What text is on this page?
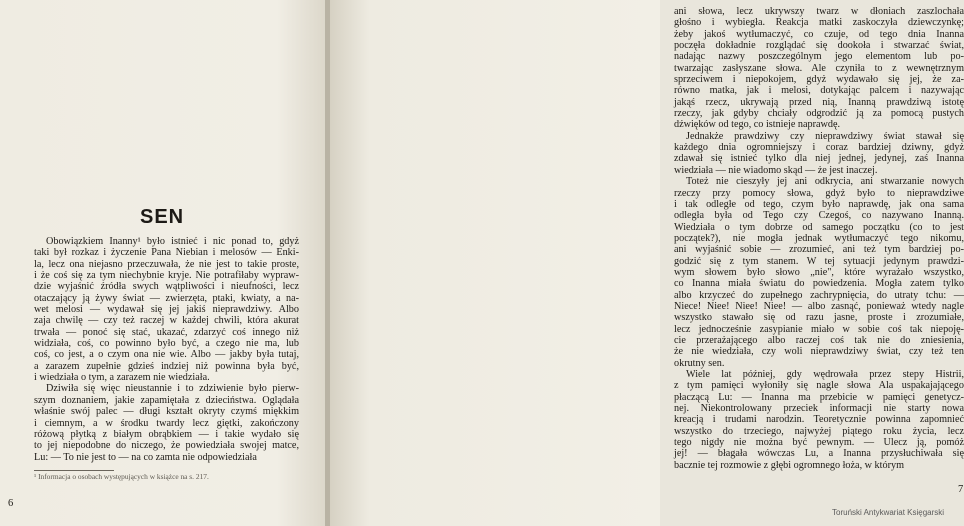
SEN

Obowiązkiem Inanny¹ było istnieć i nic ponad to, gdyż

taki był rozkaz i życzenie Pana Niebian i melosów — Enki-

la, lecz ona niejasno przeczuwała, że nie jest to takie proste,

i że coś się za tym niechybnie kryje. Nie potrafiłaby wypraw-

dzie wyjaśnić źródła swych wątpliwości i nieufności, lecz

otaczający ją żywy świat — zwierzęta, ptaki, kwiaty, a na-

wet melosi — wydawał się jej jakiś nieprawdziwy. Albo

zaja chwilę — czy też raczej w każdej chwili, która akurat

trwała — ponoć się stać, ukazać, zdarzyć coś innego niż

widziała, coś, co powinno było być, a czego nie ma, lub

coś, co jest, a o czym ona nie wie. Albo — jakby była tutaj,

a zarazem zupełnie gdzieś indziej niż powinna była być,

i wiedziała o tym, a zarazem nie wiedziała.

Dziwiła się więc nieustannie i to zdziwienie było pierw-

szym doznaniem, jakie zapamiętała z dzieciństwa. Oglądała

właśnie swój palec — długi kształt okryty czymś miękkim

i ciemnym, a w środku twardy lecz giętki, zakończony

różową płytką z białym obrąbkiem — i takie wydało się

to jej niepodobne do niczego, że powiedziała swojej matce,

Lu: — To nie jest to — na co zamta nie odpowiedziała

¹ Informacja o osobach występujących w książce na s. 217.

6

ani słowa, lecz ukrywszy twarz w dłoniach zaszlochała

głośno i wybiegła. Reakcja matki zaskoczyła dziewczynkę;

żeby jakoś wytłumaczyć, co czuje, od tego dnia Inanna

poczęła dokładnie rozglądać się dookoła i stwarzać świat,

nadając nazwy poszczególnym jego elementom lub po-

twarzając zasłyszane słowa. Ale czyniła to z wewnętrznym

sprzeciwem i niepokojem, gdyż wydawało się jej, że za-

równo matka, jak i melosi, dotykając palcem i nazywając

jakąś rzecz, ukrywają przed nią, Inanną prawdziwą istotę

rzeczy, jak gdyby chciały odgrodzić ją za pomocą pustych

dźwięków od tego, co istnieje naprawdę.

Jednakże prawdziwy czy nieprawdziwy świat stawał się

każdego dnia ogromniejszy i coraz bardziej dziwny, gdyż

zdawał się istnieć tylko dla niej jednej, jedynej, zaś Inanna

wiedziała — nie wiadomo skąd — że jest inaczej.

Toteż nie cieszyły jej ani odkrycia, ani stwarzanie nowych

rzeczy przy pomocy słowa, gdyż było to nieprawdziwe

i tak odległe od tego, czym było naprawdę, jak ona sama

odległa była od Tego czy Czegoś, co nazywano Inanną.

Wiedziała o tym dobrze od samego początku (co to jest

początek?), nie mogła jednak wytłumaczyć tego nikomu,

ani wyjaśnić sobie — zrozumieć, ani też tym bardziej po-

godzić się z tym stanem. W tej sytuacji jedynym prawdzi-

wym słowem było słowo „nie", które wyrażało wszystko,

co Inanna miała światu do powiedzenia. Mogła zatem tylko

albo krzyczeć do zupełnego zachrypnięcia, do utraty tchu: —

Niece! Niee! Niee! Niee! — albo zasnąć, ponieważ wtedy nagle

wszystko stawało się od razu jasne, proste i zrozumiałe,

lecz jednocześnie zasypianie miało w sobie coś tak niepoję-

cie przerażającego albo raczej coś tak nie do zniesienia,

że nie wiedziała, czy woli nieprawdziwy świat, czy też ten

okrutny sen.

Wiele lat później, gdy wędrowała przez stepy Histrii,

z tym pamięci wyłoniły się nagle słowa Ala uspakajającego

płaczącą Lu: — Inanna ma przebicie w pamięci genetycz-

nej. Niekontrolowany przeciek informacji nie starty nowa

kreacją i trudami narodzin. Teoretycznie powinna zapomnieć

wszystko do trzeciego, najwyżej piątego roku życia, lecz

tego nigdy nie można być pewnym. — Ulecz ją, pomóż

jej! — błagała wówczas Lu, a Inanna przysłuchiwała się

bacznie tej rozmowie z głębi ogromnego łoża, w którym

7

Toruński Antykwariat Księgarski
